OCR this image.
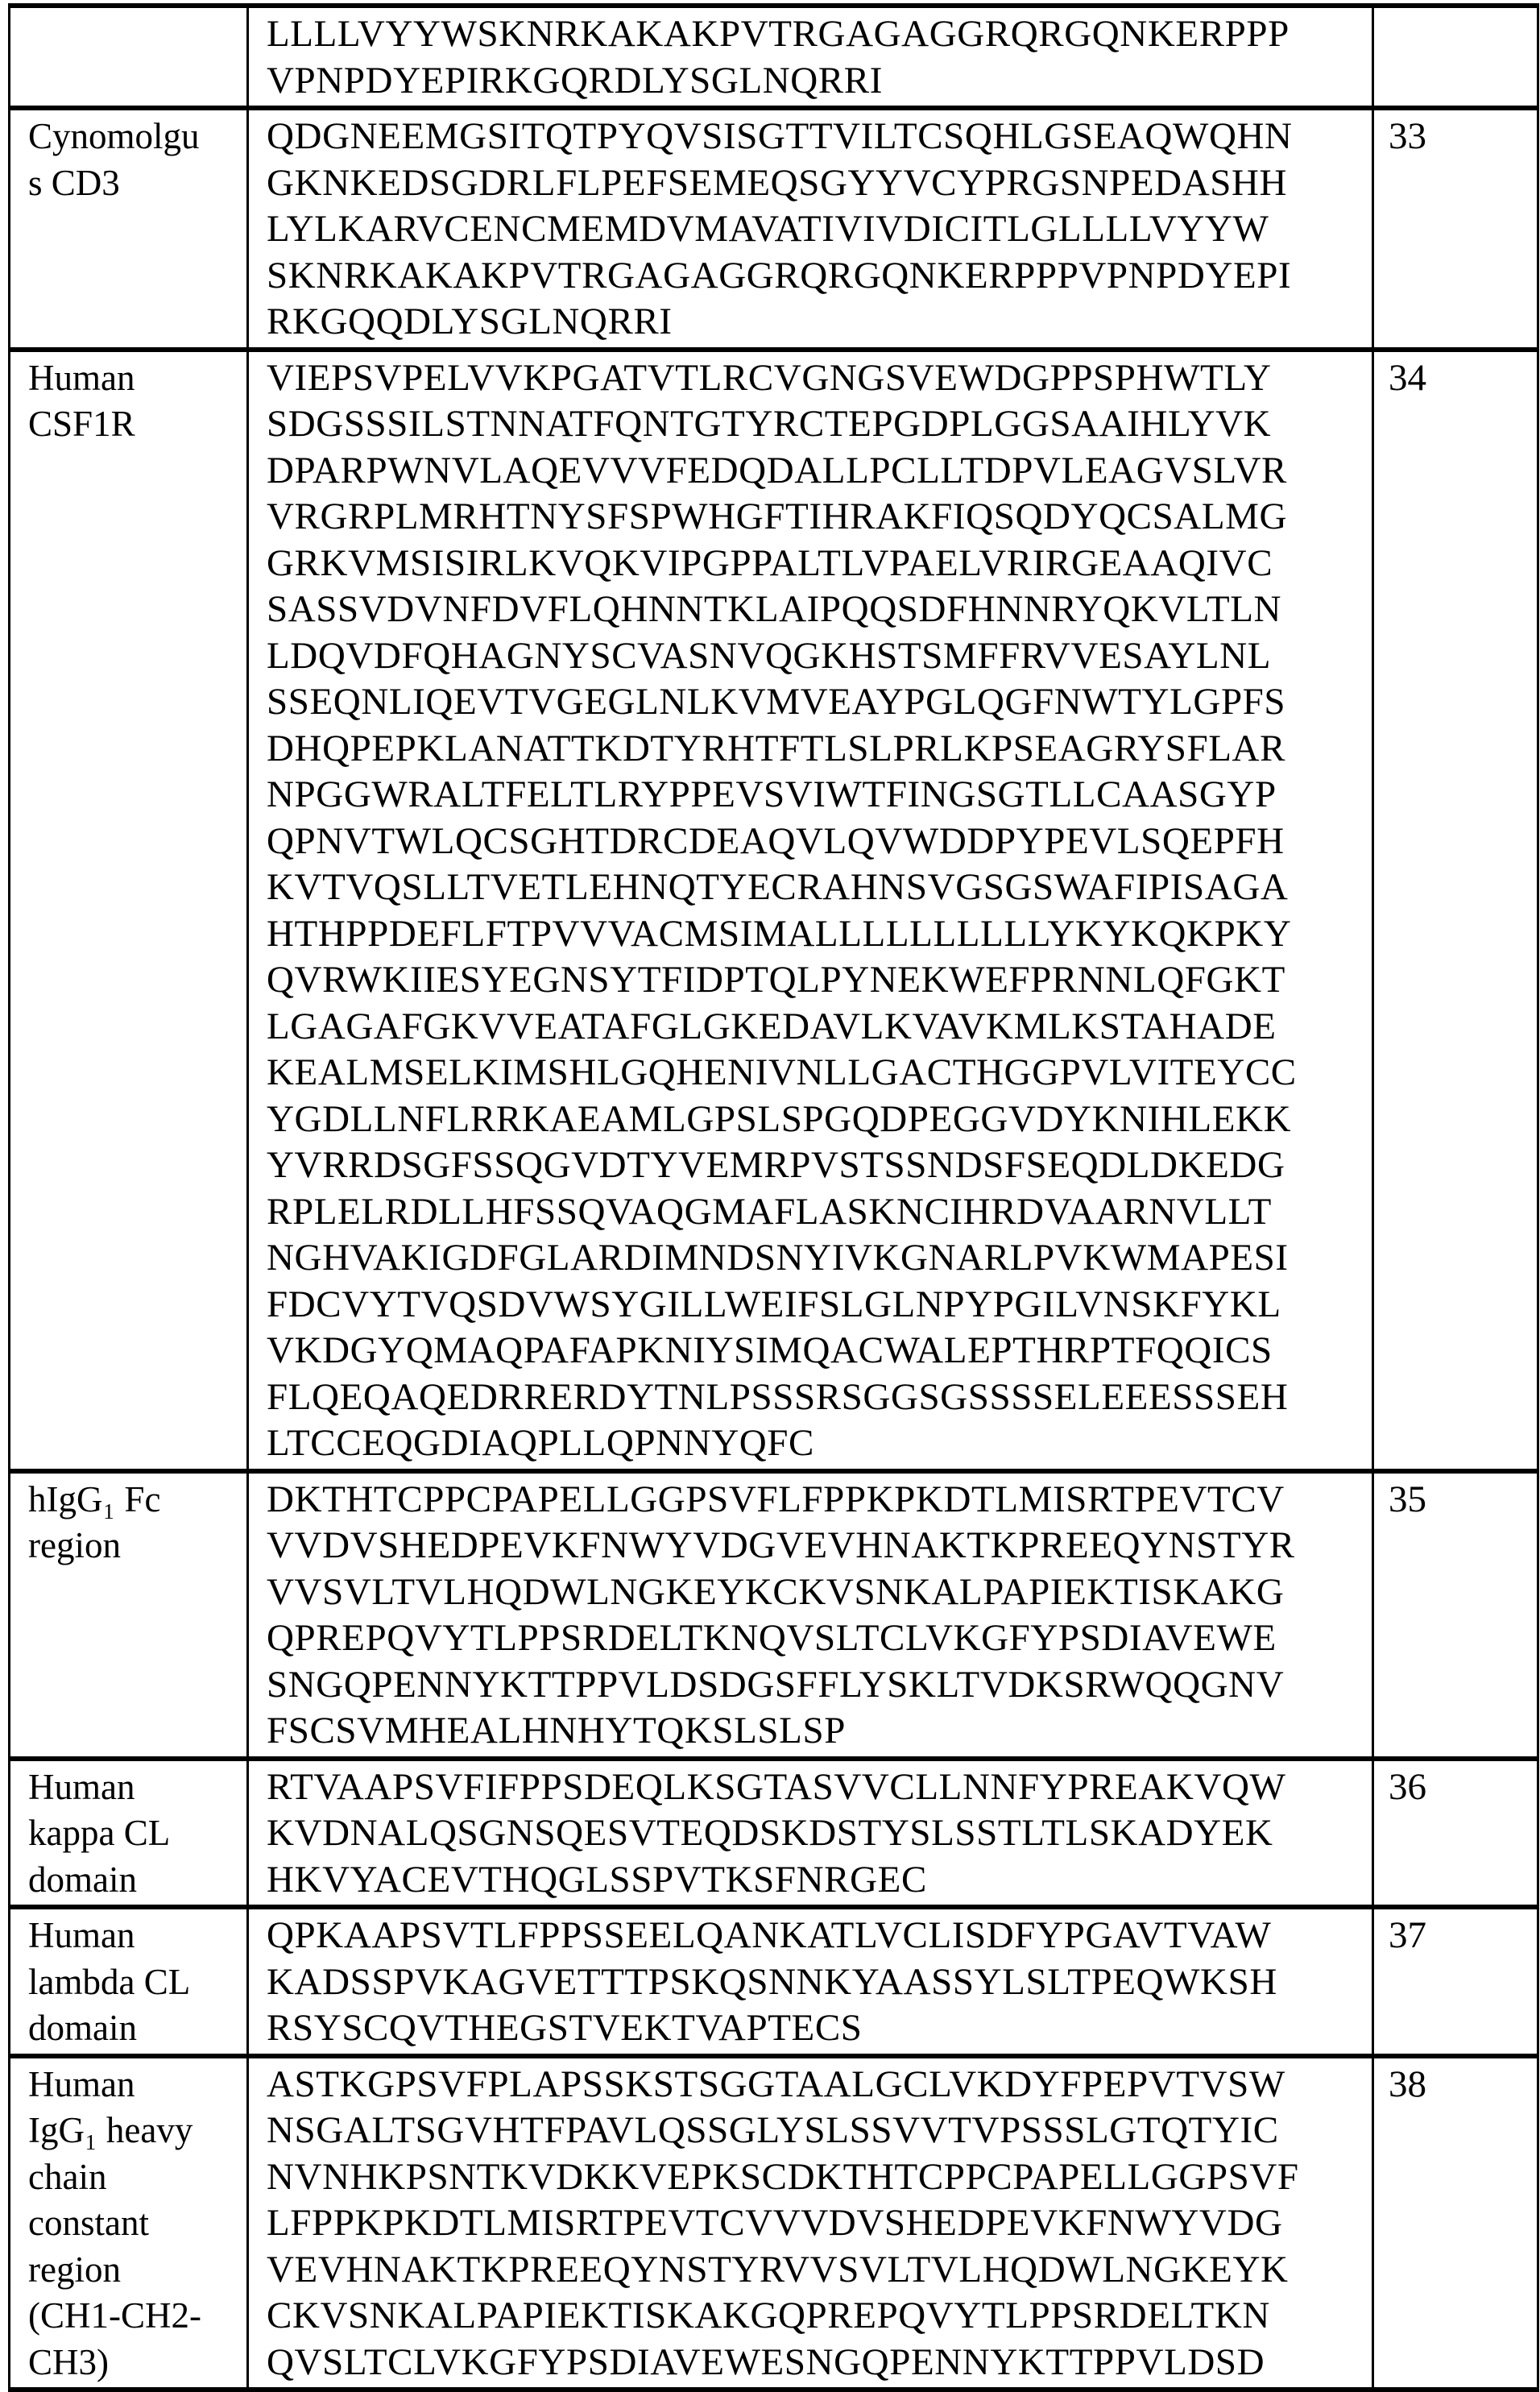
LLLLVYYWSKNRKAKAKPVTRGAGAGGRQRGQNKERPPP
VPNPDYEPIRKGQRDLYSGLNQRRI

Cynomolgu
s CD3

QDGNEEMGSITQTPYQVSISGTTVILTCSQHLGSEAQWQHN
GKNKEDSGDRLFLPEFSEMEQSGYYVCYPRGSNPEDASHH
LYLKARVCENCMEMDVMAVATIVIVDICITLGLLLLVYYW
SKNRKAKAKPVTRGAGAGGRQRGQNKERPPPVPNPDYEPI
RKGQQDLYSGLNQRRI

33

Human
CSF1R

VIEPSVPELVVKPGATVTLRCVGNGSVEWDGPPSPHWTLY
SDGSSSILSTNNATFQNTGTYRCTEPGDPLGGSAAIHLYVK
DPARPWNVLAQEVVVFEDQDALLPCLLTDPVLEAGVSLVR
VRGRPLMRHTNYSFSPWHGFTIHRAKFIQSQDYQCSALMG
GRKVMSISIRLKVQKVIPGPPALTLVPAELVRIRGEAAQIVC
SASSVDVNFDVFLQHNNTKLAIPQQSDFHNNRYQKVLTLN
LDQVDFQHAGNYSCVASNVQGKHSTSMFFRVVESAYLNL
SSEQNLIQEVTVGEGLNLKVMVEAYPGLQGFNWTYLGPFS
DHQPEPKLANATTKDTYRHTFTLSLPRLKPSEAGRYSFLAR
NPGGWRALTFELTLRYPPEVSVIWTFINGSGTLLCAASGYP
QPNVTWLQCSGHTDRCDEAQVLQVWDDPYPEVLSQEPFH
KVTVQSLLTVETLEHNQTYECRAHNSVGSGSWAFIPISAGA
HTHPPDEFLFTPVVVACMSIMALLLLLLLLLLYKYKQKPKY
QVRWKIIESYEGNSYTFIDPTQLPYNEKWEFPRNNLQFGKT
LGAGAFGKVVEATAFGLGKEDAVLKVAVKMLKSTAHADE
KEALMSELKIMSHLGQHENIVNLLGACTHGGPVLVITEYCC
YGDLLNFLRRKAEAMLGPSLSPGQDPEGGVDYKNIHLEKK
YVRRDSGFSSQGVDTYVEMRPVSTSSNDSFSEQDLDKEDG
RPLELRDLLHFSSQVAQGMAFLASKNCIHRDVAARNVLLT
NGHVAKIGDFGLARDIMNDSNYIVKGNARLPVKWMAPESI
FDCVYTVQSDVWSYGILLWEIFSLGLNPYPGILVNSKFYKL
VKDGYQMAQPAFAPKNIYSIMQACWALEPTHRPTFQQICS
FLQEQAQEDRRERDYTNLPSSSRSGGSGSSSSELEEESSSEH
LTCCEQGDIAQPLLQPNNYQFC

34

hIgG₁ Fc
region

DKTHTCPPCPAPELLGGPSVFLFPPKPKDTLMISRTPEVTCV
VVDVSHEDPEVKFNWYVDGVEVHNAKTKPREEQYNSTYR
VVSVLTVLHQDWLNGKEYKCKVSNKALPAPIEKTISKAKG
QPREPQVYTLPPSRDELTKNQVSLTCLVKGFYPSDIAVEWE
SNGQPENNYKTTPPVLDSDGSFFLYSKLTVDKSRWQQGNV
FSCSVMHEALHNHYTQKSLSLSP

35

Human
kappa CL
domain

RTVAAPSVFIFPPSDEQLKSGTASVVCLLNNFYPREAKVQW
KVDNALQSGNSQESVTEQDSKDSTYSLSSTLTLSKADYEK
HKVYACEVTHQGLSSPVTKSFNRGEC

36

Human
lambda CL
domain

QPKAAPSVTLFPPSSEELQANKATLVCLISDFYPGAVTVAW
KADSSPVKAGVETTTPSKQSNNKYAASSYLSLTPEQWKSH
RSYSCQVTHEGSTVEKTVAPTECS

37

Human
IgG₁ heavy
chain
constant
region
(CH1-CH2-
CH3)

ASTKGPSVFPLAPSSKSTSGGTAALGCLVKDYFPEPVTVSW
NSGALTSGVHTFPAVLQSSGLYSLSSVVTVPSSSLGTQTYIC
NVNHKPSNTKVDKKVEPKSCDKTHTCPPCPAPELLGGPSVF
LFPPKPKDTLMISRTPEVTCVVVDVSHEDPEVKFNWYVDG
VEVHNAKTKPREEQYNSTYRVVSVLTVLHQDWLNGKEYK
CKVSNKALPAPIEKTISKAKGQPREPQVYTLPPSRDELTKN
QVSLTCLVKGFYPSDIAVEWESNGQPENNYKTTPPVLDSD

38
